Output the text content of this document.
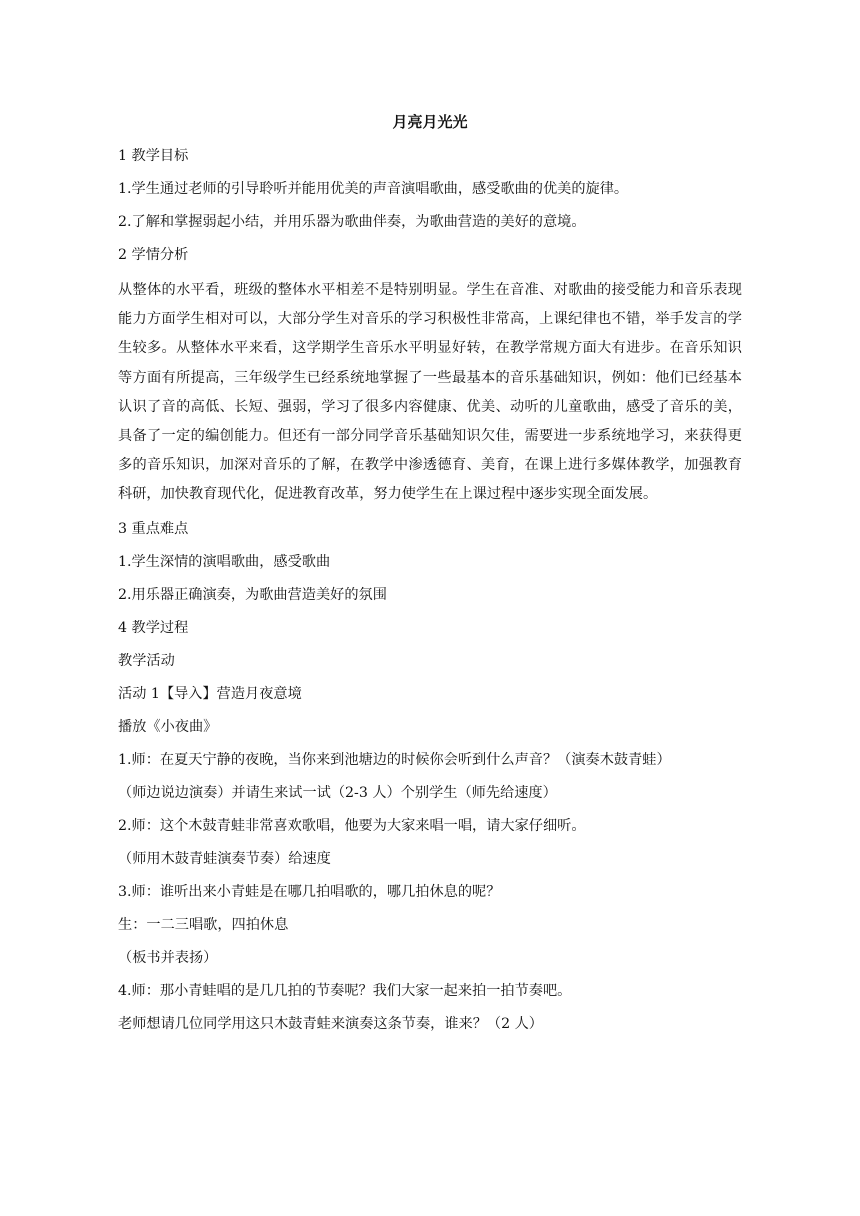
月亮月光光
1 教学目标
1.学生通过老师的引导聆听并能用优美的声音演唱歌曲，感受歌曲的优美的旋律。
2.了解和掌握弱起小结，并用乐器为歌曲伴奏，为歌曲营造的美好的意境。
2 学情分析
从整体的水平看，班级的整体水平相差不是特别明显。学生在音准、对歌曲的接受能力和音乐表现能力方面学生相对可以，大部分学生对音乐的学习积极性非常高，上课纪律也不错，举手发言的学生较多。从整体水平来看，这学期学生音乐水平明显好转，在教学常规方面大有进步。在音乐知识等方面有所提高，三年级学生已经系统地掌握了一些最基本的音乐基础知识，例如：他们已经基本认识了音的高低、长短、强弱，学习了很多内容健康、优美、动听的儿童歌曲，感受了音乐的美，具备了一定的编创能力。但还有一部分同学音乐基础知识欠佳，需要进一步系统地学习，来获得更多的音乐知识，加深对音乐的了解，在教学中渗透德育、美育，在课上进行多媒体教学，加强教育科研，加快教育现代化，促进教育改革，努力使学生在上课过程中逐步实现全面发展。
3 重点难点
1.学生深情的演唱歌曲，感受歌曲
2.用乐器正确演奏，为歌曲营造美好的氛围
4 教学过程
教学活动
活动 1【导入】营造月夜意境
播放《小夜曲》
1.师：在夏天宁静的夜晚，当你来到池塘边的时候你会听到什么声音？（演奏木鼓青蛙）
（师边说边演奏）并请生来试一试（2-3 人）个别学生（师先给速度）
2.师：这个木鼓青蛙非常喜欢歌唱，他要为大家来唱一唱，请大家仔细听。
（师用木鼓青蛙演奏节奏）给速度
3.师：谁听出来小青蛙是在哪几拍唱歌的，哪几拍休息的呢？
生：一二三唱歌，四拍休息
（板书并表扬）
4.师：那小青蛙唱的是几几拍的节奏呢？我们大家一起来拍一拍节奏吧。
老师想请几位同学用这只木鼓青蛙来演奏这条节奏，谁来？（2 人）
